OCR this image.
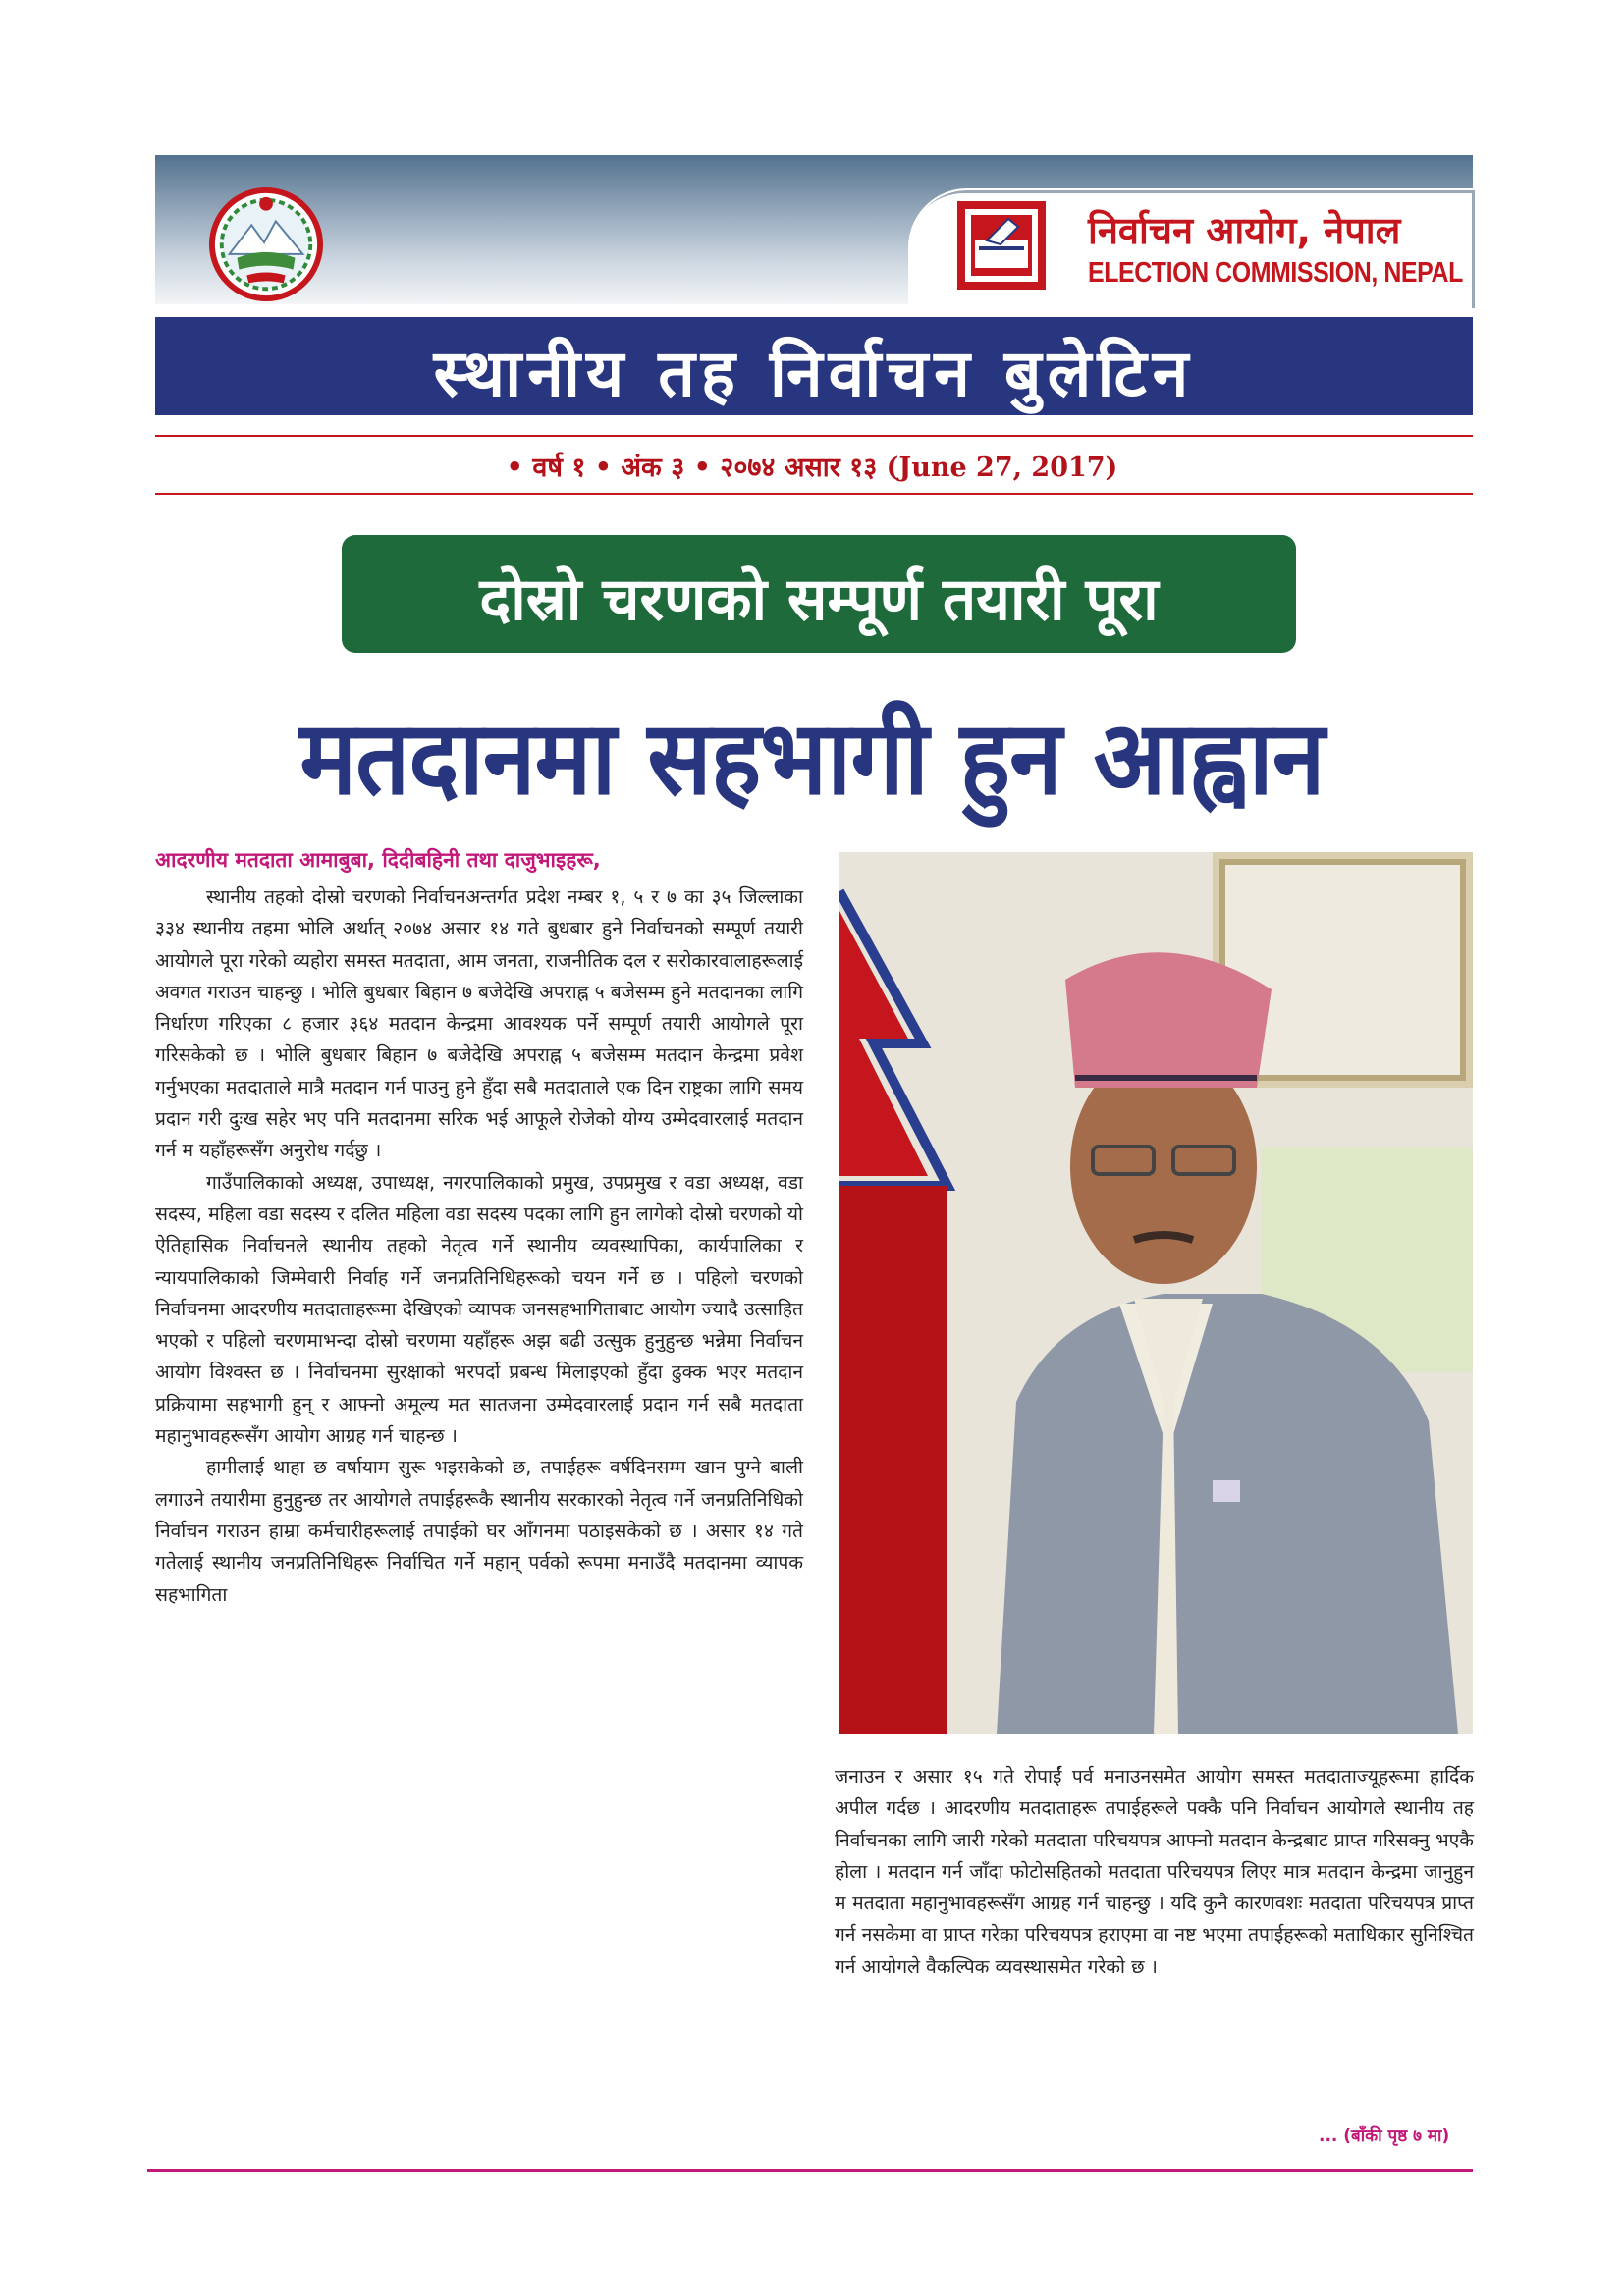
निर्वाचन आयोग, नेपाल
ELECTION COMMISSION, NEPAL
स्थानीय तह निर्वाचन बुलेटिन
• वर्ष १ • अंक ३ • २०७४ असार १३ (June 27, 2017)
दोस्रो चरणको सम्पूर्ण तयारी पूरा
मतदानमा सहभागी हुन आह्वान
आदरणीय मतदाता आमाबुबा, दिदीबहिनी तथा दाजुभाइहरू,

स्थानीय तहको दोस्रो चरणको निर्वाचनअन्तर्गत प्रदेश नम्बर १, ५ र ७ का ३५ जिल्लाका ३३४ स्थानीय तहमा भोलि अर्थात् २०७४ असार १४ गते बुधबार हुने निर्वाचनको सम्पूर्ण तयारी आयोगले पूरा गरेको व्यहोरा समस्त मतदाता, आम जनता, राजनीतिक दल र सरोकारवालाहरूलाई अवगत गराउन चाहन्छु । भोलि बुधबार बिहान ७ बजेदेखि अपराह्न ५ बजेसम्म हुने मतदानका लागि निर्धारण गरिएका ८ हजार ३६४ मतदान केन्द्रमा आवश्यक पर्ने सम्पूर्ण तयारी आयोगले पूरा गरिसकेको छ । भोलि बुधबार बिहान ७ बजेदेखि अपराह्न ५ बजेसम्म मतदान केन्द्रमा प्रवेश गर्नुभएका मतदाताले मात्रै मतदान गर्न पाउनु हुने हुँदा सबै मतदाताले एक दिन राष्ट्रका लागि समय प्रदान गरी दुःख सहेर भए पनि मतदानमा सरिक भई आफूले रोजेको योग्य उम्मेदवारलाई मतदान गर्न म यहाँहरूसँग अनुरोध गर्दछु ।

गाउँपालिकाको अध्यक्ष, उपाध्यक्ष, नगरपालिकाको प्रमुख, उपप्रमुख र वडा अध्यक्ष, वडा सदस्य, महिला वडा सदस्य र दलित महिला वडा सदस्य पदका लागि हुन लागेको दोस्रो चरणको यो ऐतिहासिक निर्वाचनले स्थानीय तहको नेतृत्व गर्ने स्थानीय व्यवस्थापिका, कार्यपालिका र न्यायपालिकाको जिम्मेवारी निर्वाह गर्ने जनप्रतिनिधिहरूको चयन गर्ने छ । पहिलो चरणको निर्वाचनमा आदरणीय मतदाताहरूमा देखिएको व्यापक जनसहभागिताबाट आयोग ज्यादै उत्साहित भएको र पहिलो चरणमाभन्दा दोस्रो चरणमा यहाँहरू अझ बढी उत्सुक हुनुहुन्छ भन्नेमा निर्वाचन आयोग विश्वस्त छ । निर्वाचनमा सुरक्षाको भरपर्दो प्रबन्ध मिलाइएको हुँदा ढुक्क भएर मतदान प्रक्रियामा सहभागी हुन् र आफ्नो अमूल्य मत सातजना उम्मेदवारलाई प्रदान गर्न सबै मतदाता महानुभावहरूसँग आयोग आग्रह गर्न चाहन्छ ।

हामीलाई थाहा छ वर्षायाम सुरू भइसकेको छ, तपाईहरू वर्षदिनसम्म खान पुग्ने बाली लगाउने तयारीमा हुनुहुन्छ तर आयोगले तपाईहरूकै स्थानीय सरकारको नेतृत्व गर्ने जनप्रतिनिधिको निर्वाचन गराउन हाम्रा कर्मचारीहरूलाई तपाईको घर आँगनमा पठाइसकेको छ । असार १४ गते गतेलाई स्थानीय जनप्रतिनिधिहरू निर्वाचित गर्ने महान् पर्वको रूपमा मनाउँदै मतदानमा व्यापक सहभागिता

जनाउन र असार १५ गते रोपाईं पर्व मनाउनसमेत आयोग समस्त मतदाताज्यूहरूमा हार्दिक अपील गर्दछ । आदरणीय मतदाताहरू तपाईहरूले पक्कै पनि निर्वाचन आयोगले स्थानीय तह निर्वाचनका लागि जारी गरेको मतदाता परिचयपत्र आफ्नो मतदान केन्द्रबाट प्राप्त गरिसक्नु भएकै होला । मतदान गर्न जाँदा फोटोसहितको मतदाता परिचयपत्र लिएर मात्र मतदान केन्द्रमा जानुहुन म मतदाता महानुभावहरूसँग आग्रह गर्न चाहन्छु । यदि कुनै कारणवशः मतदाता परिचयपत्र प्राप्त गर्न नसकेमा वा प्राप्त गरेका परिचयपत्र हराएमा वा नष्ट भएमा तपाईहरूको मताधिकार सुनिश्चित गर्न आयोगले वैकल्पिक व्यवस्थासमेत गरेको छ ।

... (बाँकी पृष्ठ ७ मा)
